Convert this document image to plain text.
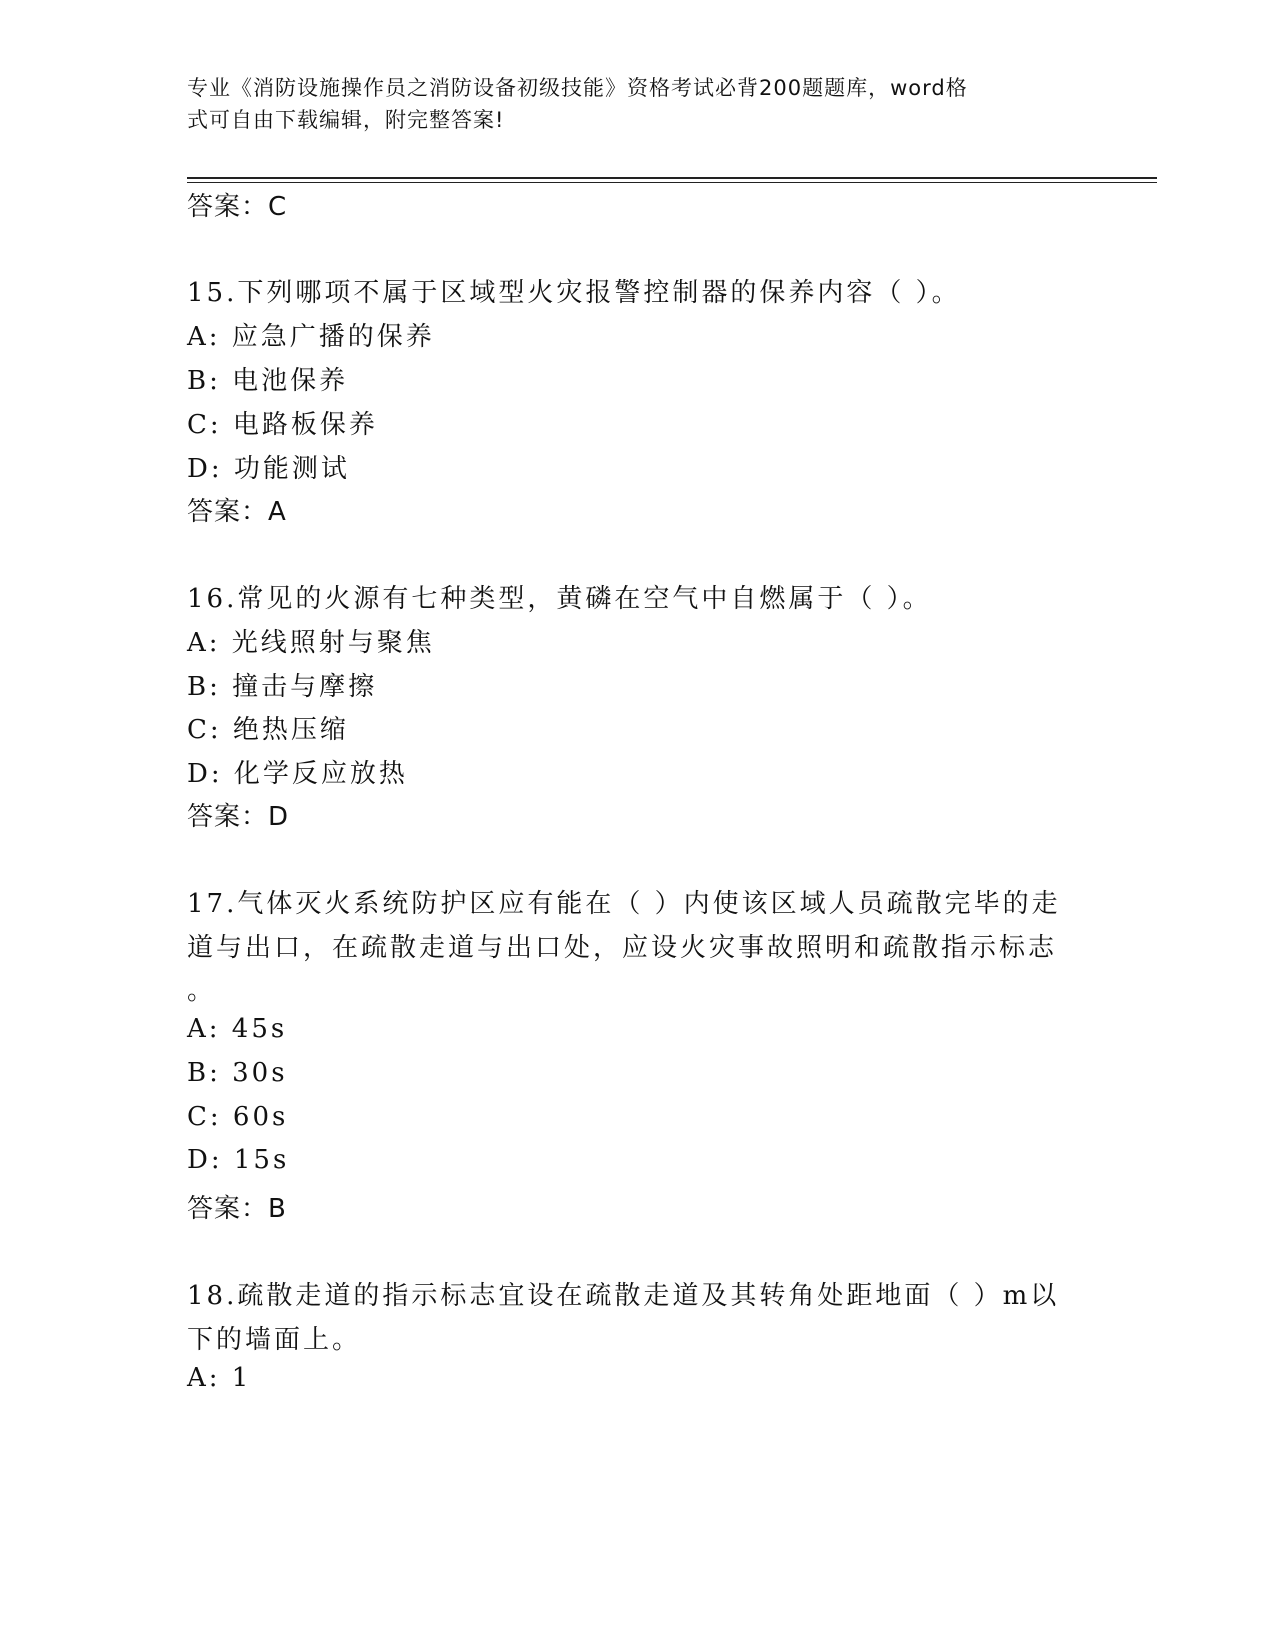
专业《消防设施操作员之消防设备初级技能》资格考试必背200题题库，word格
式可自由下载编辑，附完整答案!
答案：C
15.下列哪项不属于区域型火灾报警控制器的保养内容（ ）。
A: 应急广播的保养
B: 电池保养
C: 电路板保养
D: 功能测试
答案：A
16.常见的火源有七种类型，黄磷在空气中自燃属于（ ）。
A: 光线照射与聚焦
B: 撞击与摩擦
C: 绝热压缩
D: 化学反应放热
答案：D
17.气体灭火系统防护区应有能在（ ）内使该区域人员疏散完毕的走
道与出口，在疏散走道与出口处，应设火灾事故照明和疏散指示标志
。
A: 45s
B: 30s
C: 60s
D: 15s
答案：B
18.疏散走道的指示标志宜设在疏散走道及其转角处距地面（ ）m以
下的墙面上。
A: 1
